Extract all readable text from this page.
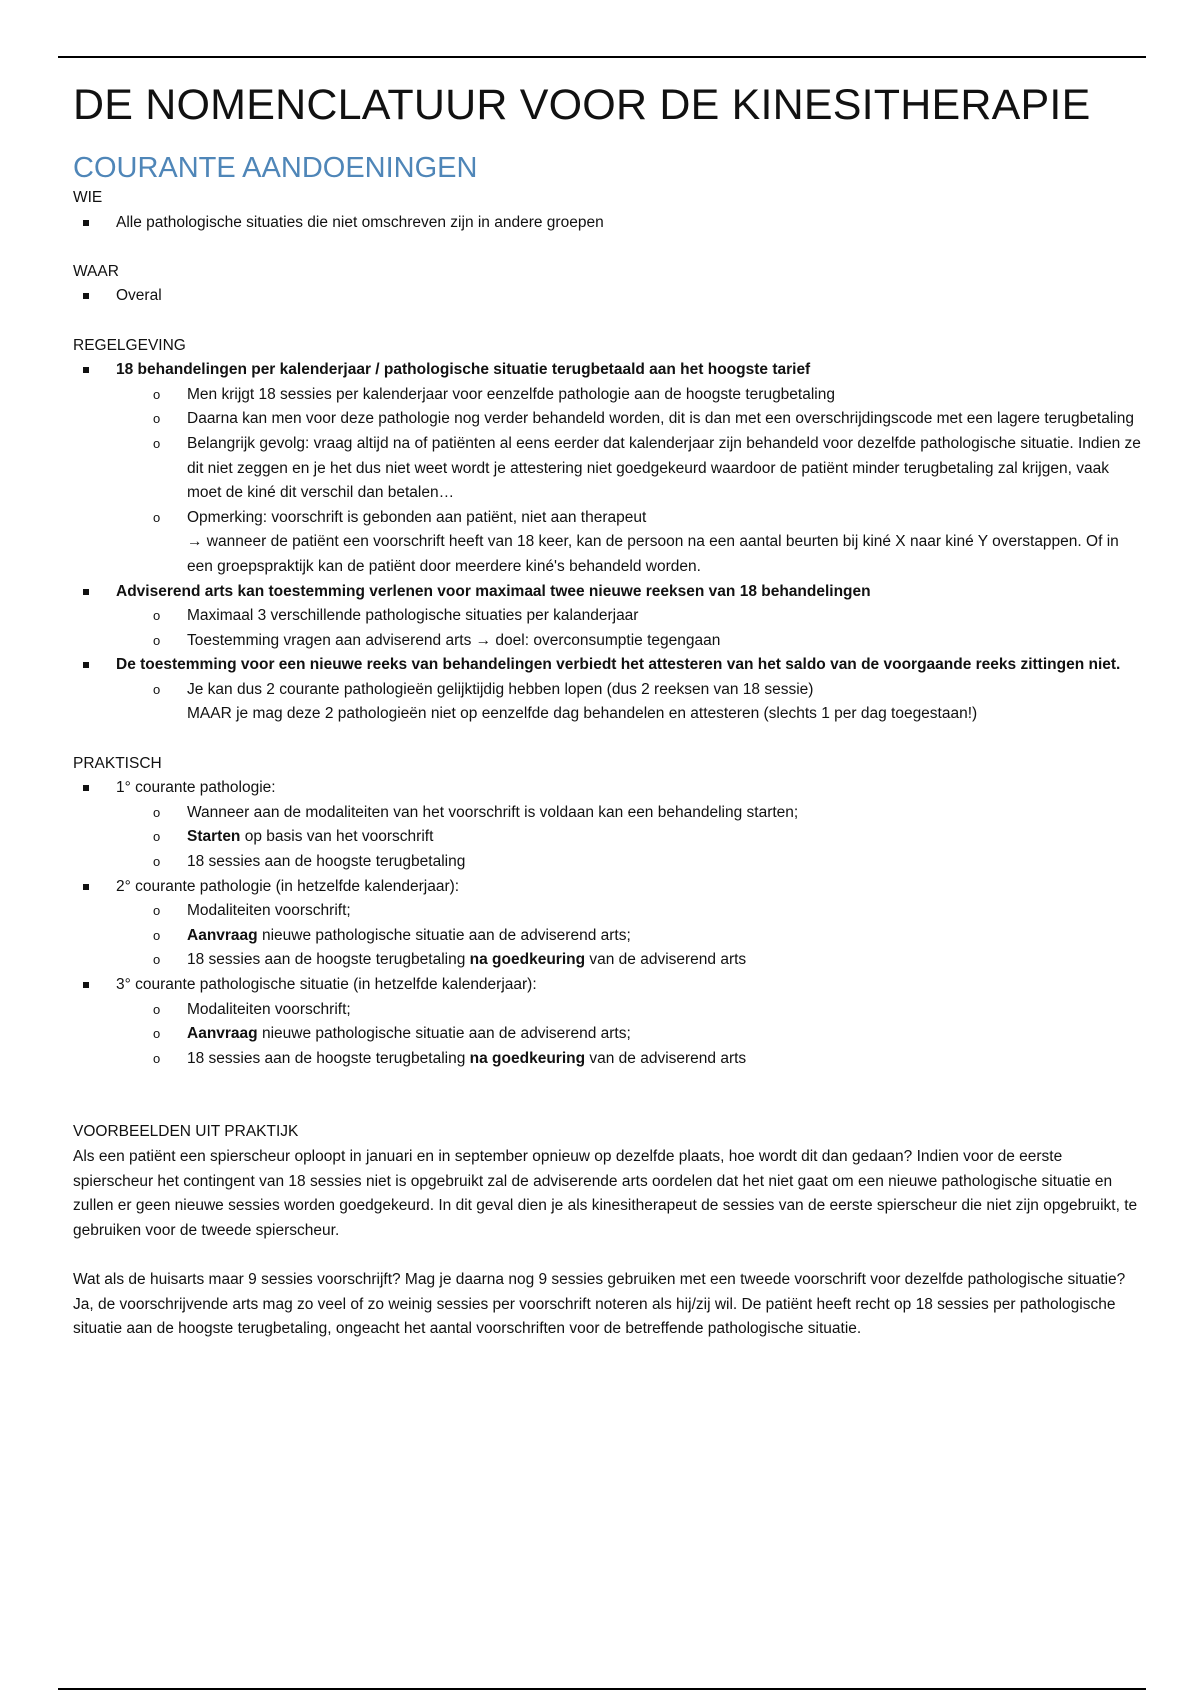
DE NOMENCLATUUR VOOR DE KINESITHERAPIE
COURANTE AANDOENINGEN
WIE
Alle pathologische situaties die niet omschreven zijn in andere groepen
WAAR
Overal
REGELGEVING
18 behandelingen per kalenderjaar / pathologische situatie terugbetaald aan het hoogste tarief
o Men krijgt 18 sessies per kalenderjaar voor eenzelfde pathologie aan de hoogste terugbetaling
o Daarna kan men voor deze pathologie nog verder behandeld worden, dit is dan met een overschrijdingscode met een lagere terugbetaling
o Belangrijk gevolg: vraag altijd na of patiënten al eens eerder dat kalenderjaar zijn behandeld voor dezelfde pathologische situatie. Indien ze dit niet zeggen en je het dus niet weet wordt je attestering niet goedgekeurd waardoor de patiënt minder terugbetaling zal krijgen, vaak moet de kiné dit verschil dan betalen…
o Opmerking: voorschrift is gebonden aan patiënt, niet aan therapeut
→ wanneer de patiënt een voorschrift heeft van 18 keer, kan de persoon na een aantal beurten bij kiné X naar kiné Y overstappen. Of in een groepspraktijk kan de patiënt door meerdere kiné's behandeld worden.
Adviserend arts kan toestemming verlenen voor maximaal twee nieuwe reeksen van 18 behandelingen
o Maximaal 3 verschillende pathologische situaties per kalanderjaar
o Toestemming vragen aan adviserend arts → doel: overconsumptie tegengaan
De toestemming voor een nieuwe reeks van behandelingen verbiedt het attesteren van het saldo van de voorgaande reeks zittingen niet.
o Je kan dus 2 courante pathologieën gelijktijdig hebben lopen (dus 2 reeksen van 18 sessie)
MAAR je mag deze 2 pathologieën niet op eenzelfde dag behandelen en attesteren (slechts 1 per dag toegestaan!)
PRAKTISCH
1° courante pathologie:
o Wanneer aan de modaliteiten van het voorschrift is voldaan kan een behandeling starten;
o Starten op basis van het voorschrift
o 18 sessies aan de hoogste terugbetaling
2° courante pathologie (in hetzelfde kalenderjaar):
o Modaliteiten voorschrift;
o Aanvraag nieuwe pathologische situatie aan de adviserend arts;
o 18 sessies aan de hoogste terugbetaling na goedkeuring van de adviserend arts
3° courante pathologische situatie (in hetzelfde kalenderjaar):
o Modaliteiten voorschrift;
o Aanvraag nieuwe pathologische situatie aan de adviserend arts;
o 18 sessies aan de hoogste terugbetaling na goedkeuring van de adviserend arts
VOORBEELDEN UIT PRAKTIJK

Als een patiënt een spierscheur oploopt in januari en in september opnieuw op dezelfde plaats, hoe wordt dit dan gedaan? Indien voor de eerste spierscheur het contingent van 18 sessies niet is opgebruikt zal de adviserende arts oordelen dat het niet gaat om een nieuwe pathologische situatie en zullen er geen nieuwe sessies worden goedgekeurd. In dit geval dien je als kinesitherapeut de sessies van de eerste spierscheur die niet zijn opgebruikt, te gebruiken voor de tweede spierscheur.

Wat als de huisarts maar 9 sessies voorschrijft? Mag je daarna nog 9 sessies gebruiken met een tweede voorschrift voor dezelfde pathologische situatie?

Ja, de voorschrijvende arts mag zo veel of zo weinig sessies per voorschrift noteren als hij/zij wil. De patiënt heeft recht op 18 sessies per pathologische situatie aan de hoogste terugbetaling, ongeacht het aantal voorschriften voor de betreffende pathologische situatie.
